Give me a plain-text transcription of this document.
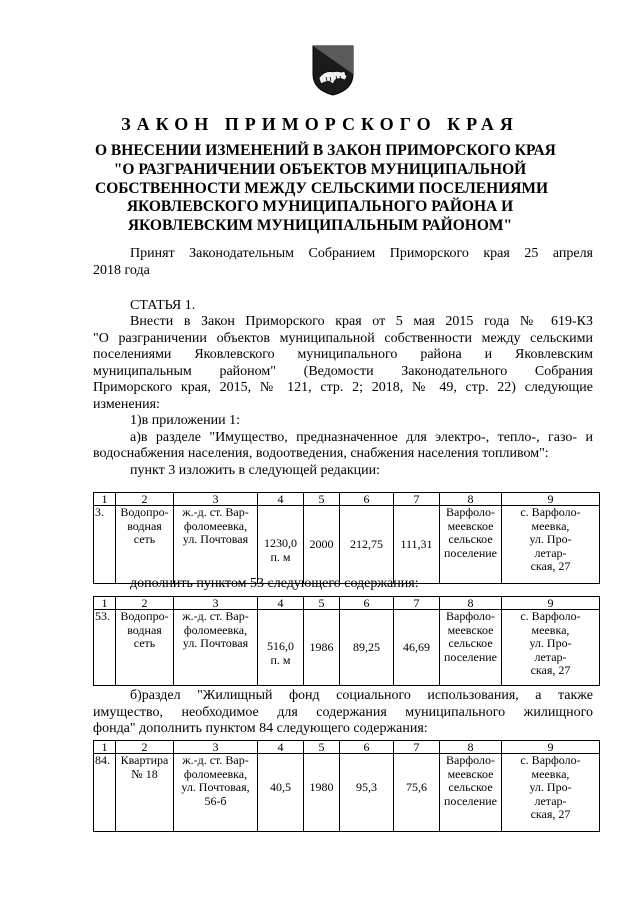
ЗАКОН ПРИМОРСКОГО КРАЯ
О ВНЕСЕНИИ ИЗМЕНЕНИЙ В ЗАКОН ПРИМОРСКОГО КРАЯ
"О РАЗГРАНИЧЕНИИ ОБЪЕКТОВ МУНИЦИПАЛЬНОЙ
СОБСТВЕННОСТИ МЕЖДУ СЕЛЬСКИМИ ПОСЕЛЕНИЯМИ
ЯКОВЛЕВСКОГО МУНИЦИПАЛЬНОГО РАЙОНА И
ЯКОВЛЕВСКИМ МУНИЦИПАЛЬНЫМ РАЙОНОМ"
Принят Законодательным Собранием Приморского края 25 апреля
2018 года
СТАТЬЯ 1.
Внести в Закон Приморского края от 5 мая 2015 года № 619-КЗ
"О разграничении объектов муниципальной собственности между сельскими
поселениями Яковлевского муниципального района и Яковлевским
муниципальным районом" (Ведомости Законодательного Собрания
Приморского края, 2015, № 121, стр. 2; 2018, № 49, стр. 22) следующие
изменения:
1)в приложении 1:
а)в разделе "Имущество, предназначенное для электро-, тепло-, газо- и
водоснабжения населения, водоотведения, снабжения населения топливом":
пункт 3 изложить в следующей редакции:
1	2	3	4	5	6	7	8	9
3.	Водопро-
водная
сеть	ж.-д. ст. Вар-
фоломеевка,
ул. Почтовая	1230,0
п. м	2000	212,75	111,31	Варфоло-
меевское
сельское
поселение	с. Варфоло-
меевка,
ул. Про-
летар-
ская, 27
дополнить пунктом 53 следующего содержания:
1	2	3	4	5	6	7	8	9
53.	Водопро-
водная
сеть	ж.-д. ст. Вар-
фоломеевка,
ул. Почтовая	516,0
п. м	1986	89,25	46,69	Варфоло-
меевское
сельское
поселение	с. Варфоло-
меевка,
ул. Про-
летар-
ская, 27
б)раздел "Жилищный фонд социального использования, а также
имущество, необходимое для содержания муниципального жилищного
фонда" дополнить пунктом 84 следующего содержания:
1	2	3	4	5	6	7	8	9
84.	Квартира
№ 18	ж.-д. ст. Вар-
фоломеевка,
ул. Почтовая,
56-б	40,5	1980	95,3	75,6	Варфоло-
меевское
сельское
поселение	с. Варфоло-
меевка,
ул. Про-
летар-
ская, 27
